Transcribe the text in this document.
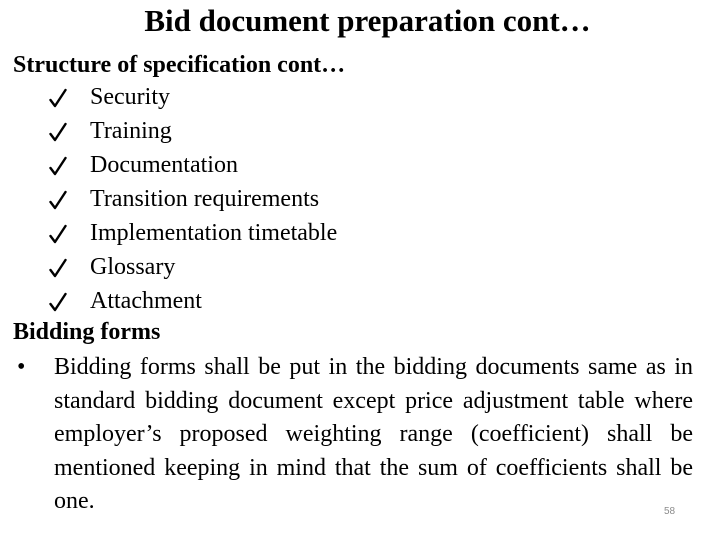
Bid document preparation cont…
Structure of specification cont…
Security
Training
Documentation
Transition requirements
Implementation timetable
Glossary
Attachment
Bidding forms
• Bidding forms shall be put in the bidding documents same as in standard bidding document except price adjustment table where employer’s proposed weighting range (coefficient) shall be mentioned keeping in mind that the sum of coefficients shall be one.	58
